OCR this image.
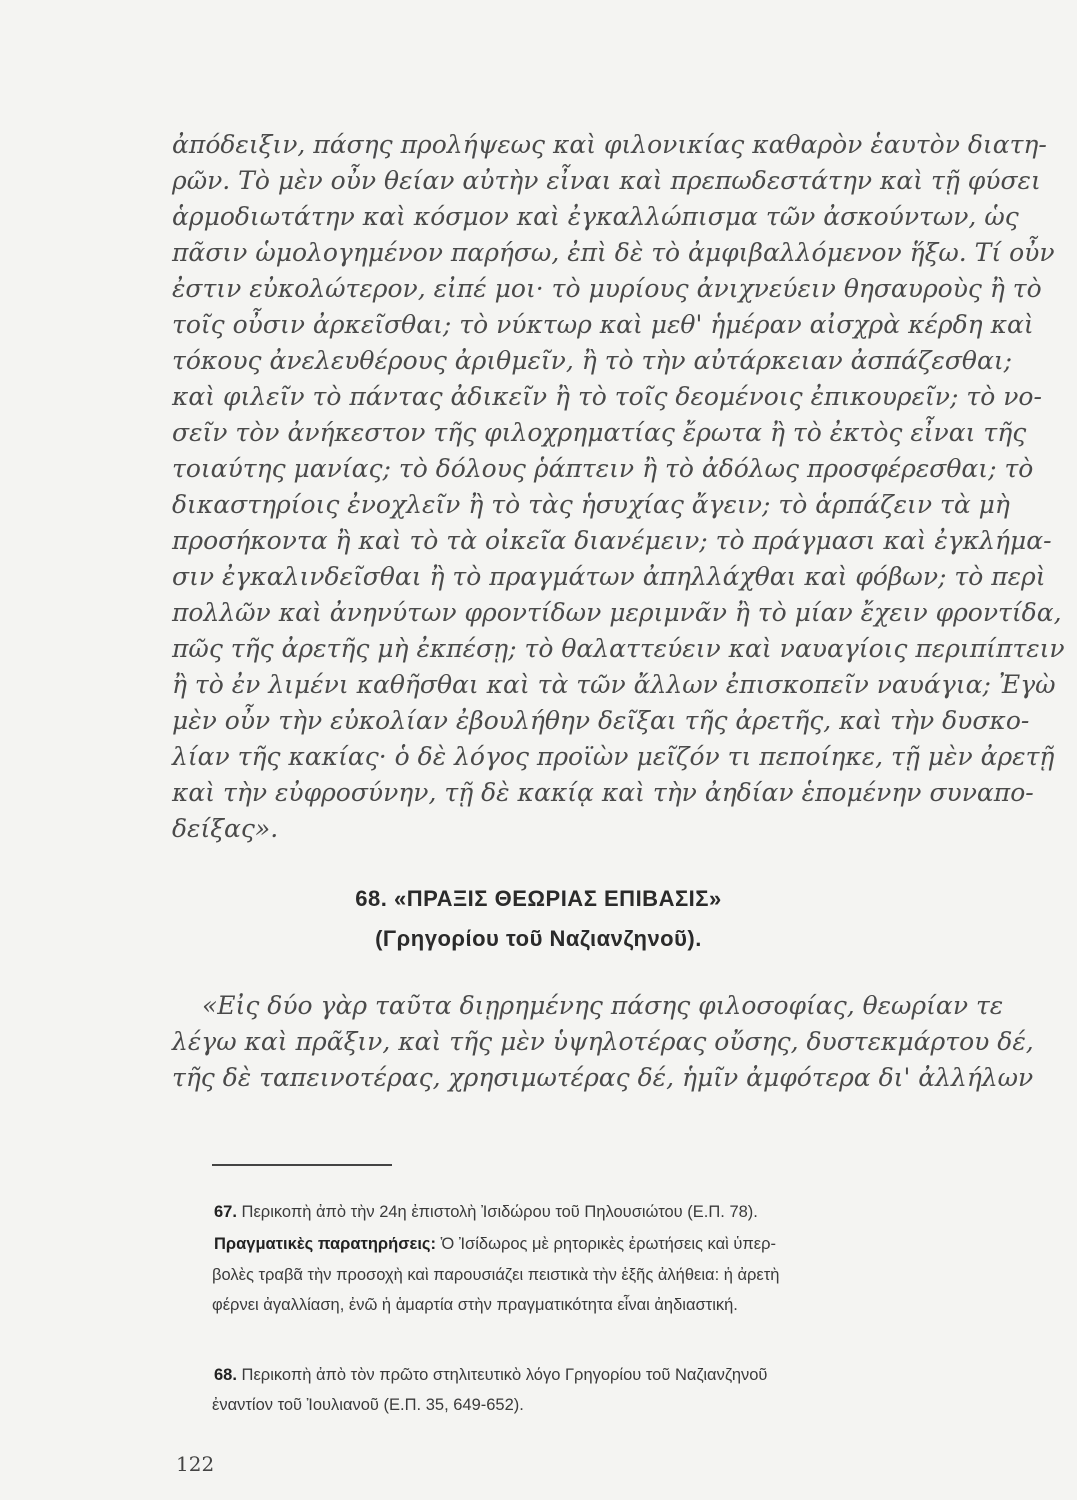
ἀπόδειξιν, πάσης προλήψεως καὶ φιλονικίας καθαρὸν ἑαυτὸν διατη-
ρῶν. Τὸ μὲν οὖν θείαν αὐτὴν εἶναι καὶ πρεπωδεστάτην καὶ τῇ φύσει
ἁρμοδιωτάτην καὶ κόσμον καὶ ἐγκαλλώπισμα τῶν ἀσκούντων, ὡς
πᾶσιν ὡμολογημένον παρήσω, ἐπὶ δὲ τὸ ἀμφιβαλλόμενον ἥξω. Τί οὖν
ἐστιν εὐκολώτερον, εἰπέ μοι· τὸ μυρίους ἀνιχνεύειν θησαυροὺς ἢ τὸ
τοῖς οὖσιν ἀρκεῖσθαι; τὸ νύκτωρ καὶ μεθ' ἡμέραν αἰσχρὰ κέρδη καὶ
τόκους ἀνελευθέρους ἀριθμεῖν, ἢ τὸ τὴν αὐτάρκειαν ἀσπάζεσθαι;
καὶ φιλεῖν τὸ πάντας ἀδικεῖν ἢ τὸ τοῖς δεομένοις ἐπικουρεῖν; τὸ νο-
σεῖν τὸν ἀνήκεστον τῆς φιλοχρηματίας ἔρωτα ἢ τὸ ἐκτὸς εἶναι τῆς
τοιαύτης μανίας; τὸ δόλους ῥάπτειν ἢ τὸ ἀδόλως προσφέρεσθαι; τὸ
δικαστηρίοις ἐνοχλεῖν ἢ τὸ τὰς ἡσυχίας ἄγειν; τὸ ἁρπάζειν τὰ μὴ
προσήκοντα ἢ καὶ τὸ τὰ οἰκεῖα διανέμειν; τὸ πράγμασι καὶ ἐγκλήμα-
σιν ἐγκαλινδεῖσθαι ἢ τὸ πραγμάτων ἀπηλλάχθαι καὶ φόβων; τὸ περὶ
πολλῶν καὶ ἀνηνύτων φροντίδων μεριμνᾶν ἢ τὸ μίαν ἔχειν φροντίδα,
πῶς τῆς ἀρετῆς μὴ ἐκπέσῃ; τὸ θαλαττεύειν καὶ ναυαγίοις περιπίπτειν
ἢ τὸ ἐν λιμένι καθῆσθαι καὶ τὰ τῶν ἄλλων ἐπισκοπεῖν ναυάγια; Ἐγὼ
μὲν οὖν τὴν εὐκολίαν ἐβουλήθην δεῖξαι τῆς ἀρετῆς, καὶ τὴν δυσκο-
λίαν τῆς κακίας· ὁ δὲ λόγος προϊὼν μεῖζόν τι πεποίηκε, τῇ μὲν ἀρετῇ
καὶ τὴν εὐφροσύνην, τῇ δὲ κακίᾳ καὶ τὴν ἀηδίαν ἑπομένην συναπο-
δείξας».
68. «ΠΡΑΞΙΣ ΘΕΩΡΙΑΣ ΕΠΙΒΑΣΙΣ»
(Γρηγορίου τοῦ Ναζιανζηνοῦ).
«Εἰς δύο γὰρ ταῦτα διῃρημένης πάσης φιλοσοφίας, θεωρίαν τε
λέγω καὶ πρᾶξιν, καὶ τῆς μὲν ὑψηλοτέρας οὔσης, δυστεκμάρτου δέ,
τῆς δὲ ταπεινοτέρας, χρησιμωτέρας δέ, ἡμῖν ἀμφότερα δι' ἀλλήλων
67. Περικοπὴ ἀπὸ τὴν 24η ἐπιστολὴ Ἰσιδώρου τοῦ Πηλουσιώτου (Ε.Π. 78).
Πραγματικὲς παρατηρήσεις: Ὁ Ἰσίδωρος μὲ ρητορικὲς ἐρωτήσεις καὶ ὑπερ-
βολὲς τραβᾶ τὴν προσοχὴ καὶ παρουσιάζει πειστικὰ τὴν ἑξῆς ἀλήθεια: ἡ ἀρετὴ
φέρνει ἀγαλλίαση, ἐνῶ ἡ ἁμαρτία στὴν πραγματικότητα εἶναι ἀηδιαστική.
68. Περικοπὴ ἀπὸ τὸν πρῶτο στηλιτευτικὸ λόγο Γρηγορίου τοῦ Ναζιανζηνοῦ
ἐναντίον τοῦ Ἰουλιανοῦ (Ε.Π. 35, 649-652).
122
